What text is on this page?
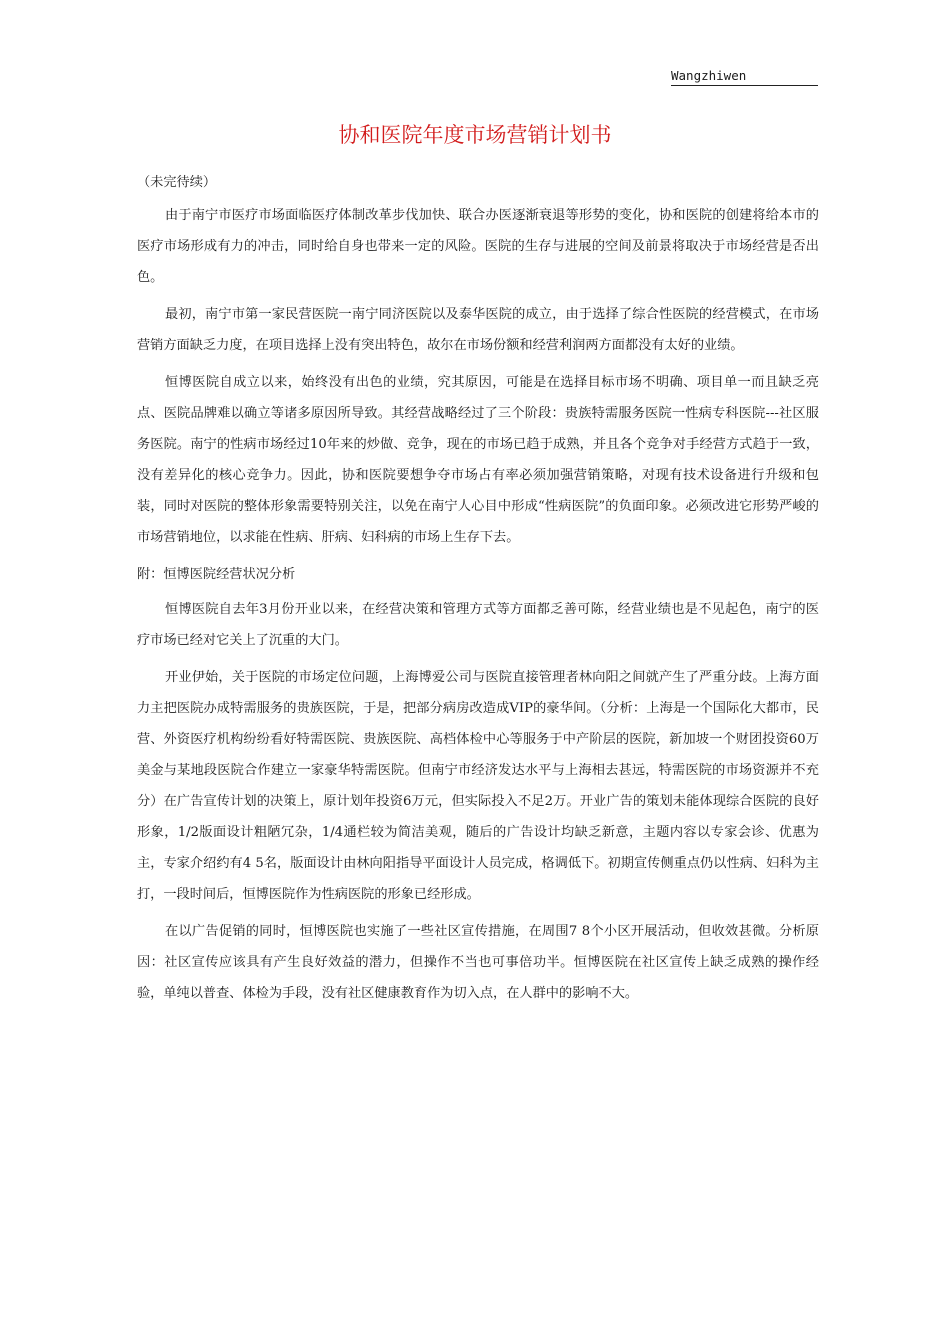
Wangzhiwen
协和医院年度市场营销计划书

（未完待续）

由于南宁市医疗市场面临医疗体制改革步伐加快、联合办医逐渐衰退等形势的变化，协和医院的创建将给本市的医疗市场形成有力的冲击，同时给自身也带来一定的风险。医院的生存与进展的空间及前景将取决于市场经营是否出色。

最初，南宁市第一家民营医院一南宁同济医院以及泰华医院的成立，由于选择了综合性医院的经营模式，在市场营销方面缺乏力度，在项目选择上没有突出特色，故尔在市场份额和经营利润两方面都没有太好的业绩。

恒博医院自成立以来，始终没有出色的业绩，究其原因，可能是在选择目标市场不明确、项目单一而且缺乏亮点、医院品牌难以确立等诸多原因所导致。其经营战略经过了三个阶段：贵族特需服务医院一性病专科医院---社区服务医院。南宁的性病市场经过10年来的炒做、竞争，现在的市场已趋于成熟，并且各个竞争对手经营方式趋于一致，没有差异化的核心竞争力。因此，协和医院要想争夺市场占有率必须加强营销策略，对现有技术设备进行升级和包装，同时对医院的整体形象需要特别关注，以免在南宁人心目中形成“性病医院”的负面印象。必须改进它形势严峻的市场营销地位，以求能在性病、肝病、妇科病的市场上生存下去。

附：恒博医院经营状况分析

恒博医院自去年3月份开业以来，在经营决策和管理方式等方面都乏善可陈，经营业绩也是不见起色，南宁的医疗市场已经对它关上了沉重的大门。

开业伊始，关于医院的市场定位问题，上海博爱公司与医院直接管理者林向阳之间就产生了严重分歧。上海方面力主把医院办成特需服务的贵族医院，于是，把部分病房改造成VIP的豪华间。（分析：上海是一个国际化大都市，民营、外资医疗机构纷纷看好特需医院、贵族医院、高档体检中心等服务于中产阶层的医院，新加坡一个财团投资60万美金与某地段医院合作建立一家豪华特需医院。但南宁市经济发达水平与上海相去甚远，特需医院的市场资源并不充分）在广告宣传计划的决策上，原计划年投资6万元，但实际投入不足2万。开业广告的策划未能体现综合医院的良好形象，1/2版面设计粗陋冗杂，1/4通栏较为简洁美观，随后的广告设计均缺乏新意，主题内容以专家会诊、优惠为主，专家介绍约有4 5名，版面设计由林向阳指导平面设计人员完成，格调低下。初期宣传侧重点仍以性病、妇科为主打，一段时间后，恒博医院作为性病医院的形象已经形成。

在以广告促销的同时，恒博医院也实施了一些社区宣传措施，在周围7 8个小区开展活动，但收效甚微。分析原因：社区宣传应该具有产生良好效益的潜力，但操作不当也可事倍功半。恒博医院在社区宣传上缺乏成熟的操作经验，单纯以普查、体检为手段，没有社区健康教育作为切入点，在人群中的影响不大。
